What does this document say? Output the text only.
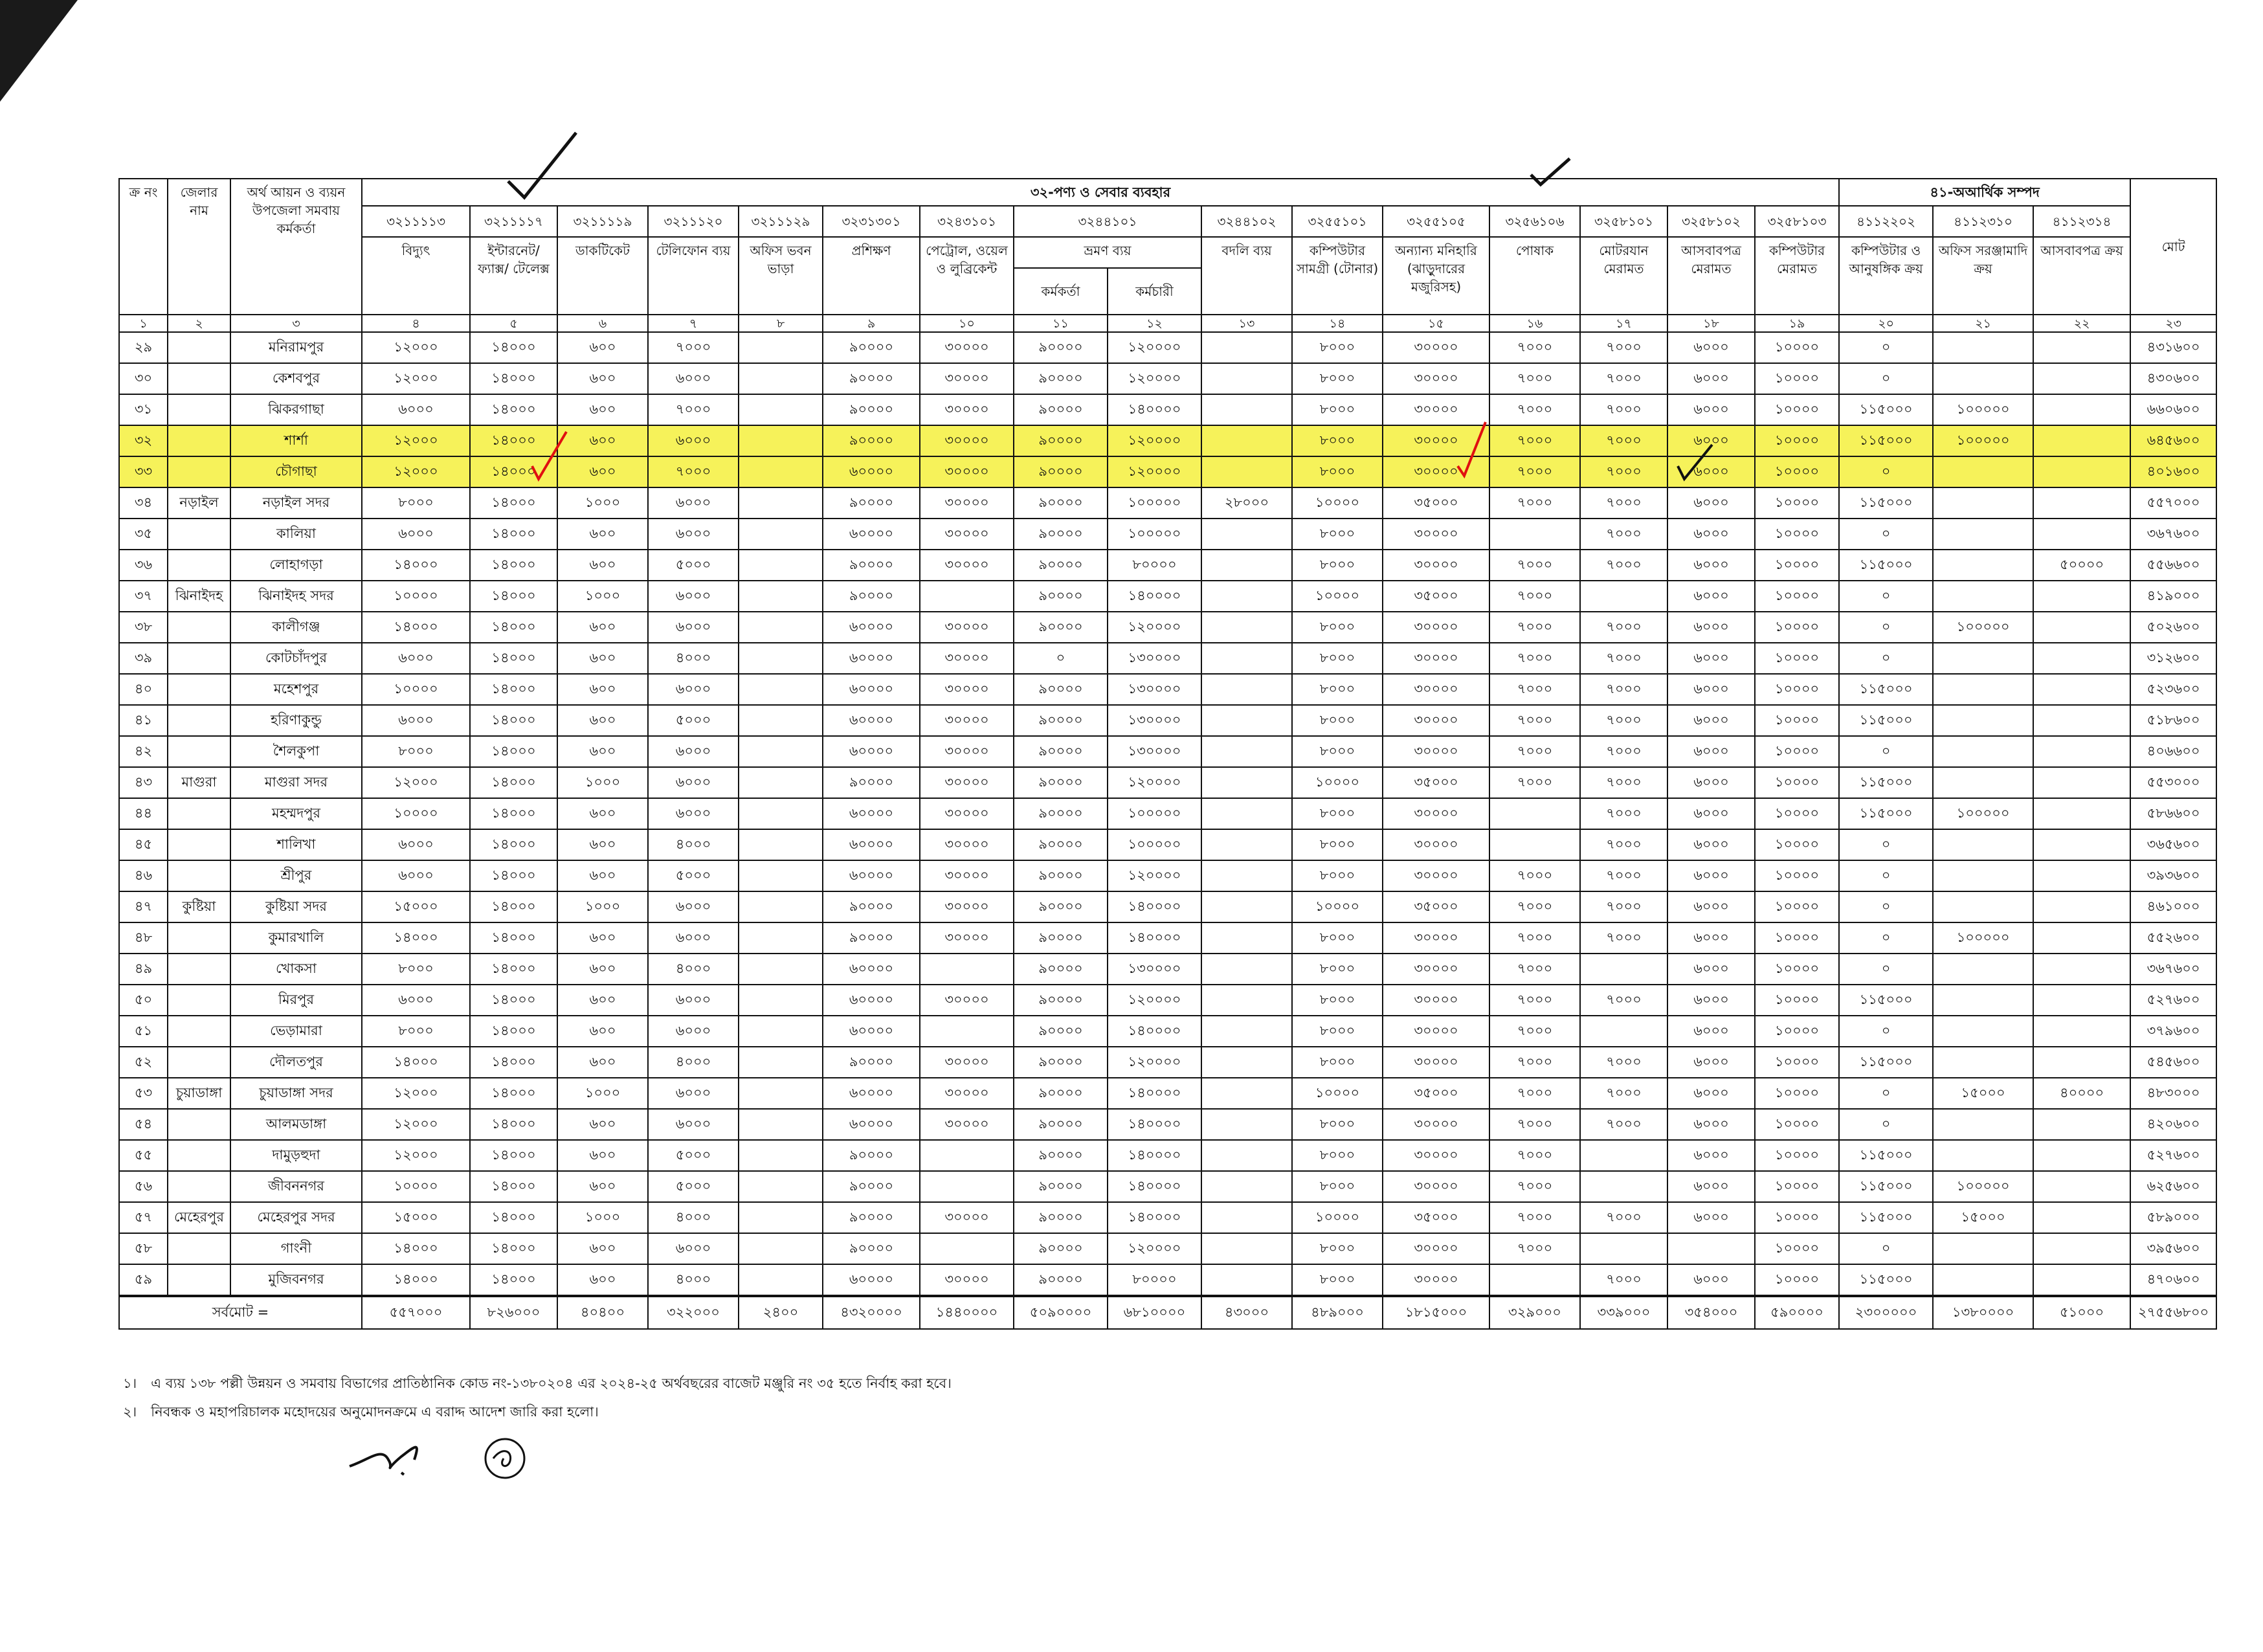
ক্র নং	জেলার নাম	অর্থ আয়ন ও ব্যয়ন উপজেলা সমবায় কর্মকর্তা	৩২-পণ্য ও সেবার ব্যবহার																৪১-অআর্থিক সম্পদ			মোট
			৩২১১১১৩	৩২১১১১৭	৩২১১১১৯	৩২১১১২০	৩২১১১২৯	৩২৩১৩০১	৩২৪৩১০১	৩২৪৪১০১		৩২৪৪১০২	৩২৫৫১০১	৩২৫৫১০৫	৩২৫৬১০৬	৩২৫৮১০১	৩২৫৮১০২	৩২৫৮১০৩	৪১১২২০২	৪১১২৩১০	৪১১২৩১৪	
			বিদ্যুৎ	ইন্টারনেট/ ফ্যাক্স/ টেলেক্স	ডাকটিকেট	টেলিফোন ব্যয়	অফিস ভবন ভাড়া	প্রশিক্ষণ	পেট্রোল, ওয়েল ও লুব্রিকেন্ট	ভ্রমণ ব্যয়		বদলি ব্যয়	কম্পিউটার সামগ্রী (টোনার)	অন্যান্য মনিহারি (ঝাড়ুদারের মজুরিসহ)	পোষাক	মোটরযান মেরামত	আসবাবপত্র মেরামত	কম্পিউটার মেরামত	কম্পিউটার ও আনুষঙ্গিক ক্রয়	অফিস সরঞ্জামাদি ক্রয়	আসবাবপত্র ক্রয়	
										কর্মকর্তা	কর্মচারী											
১	২	৩	৪	৫	৬	৭	৮	৯	১০	১১	১২	১৩	১৪	১৫	১৬	১৭	১৮	১৯	২০	২১	২২	২৩
২৯		মনিরামপুর	১২০০০	১৪০০০	৬০০	৭০০০		৯০০০০	৩০০০০	৯০০০০	১২০০০০		৮০০০	৩০০০০	৭০০০	৭০০০	৬০০০	১০০০০	০			৪৩১৬০০
৩০		কেশবপুর	১২০০০	১৪০০০	৬০০	৬০০০		৯০০০০	৩০০০০	৯০০০০	১২০০০০		৮০০০	৩০০০০	৭০০০	৭০০০	৬০০০	১০০০০	০			৪৩০৬০০
৩১		ঝিকরগাছা	৬০০০	১৪০০০	৬০০	৭০০০		৯০০০০	৩০০০০	৯০০০০	১৪০০০০		৮০০০	৩০০০০	৭০০০	৭০০০	৬০০০	১০০০০	১১৫০০০	১০০০০০		৬৬০৬০০
৩২		শার্শা	১২০০০	১৪০০০	৬০০	৬০০০		৯০০০০	৩০০০০	৯০০০০	১২০০০০		৮০০০	৩০০০০	৭০০০	৭০০০	৬০০০	১০০০০	১১৫০০০	১০০০০০		৬৪৫৬০০
৩৩		চৌগাছা	১২০০০	১৪০০০	৬০০	৭০০০		৬০০০০	৩০০০০	৯০০০০	১২০০০০		৮০০০	৩০০০০	৭০০০	৭০০০	৬০০০	১০০০০	০			৪০১৬০০
৩৪	নড়াইল	নড়াইল সদর	৮০০০	১৪০০০	১০০০	৬০০০		৯০০০০	৩০০০০	৯০০০০	১০০০০০	২৮০০০	১০০০০	৩৫০০০	৭০০০	৭০০০	৬০০০	১০০০০	১১৫০০০			৫৫৭০০০
৩৫		কালিয়া	৬০০০	১৪০০০	৬০০	৬০০০		৬০০০০	৩০০০০	৯০০০০	১০০০০০		৮০০০	৩০০০০		৭০০০	৬০০০	১০০০০	০			৩৬৭৬০০
৩৬		লোহাগড়া	১৪০০০	১৪০০০	৬০০	৫০০০		৯০০০০	৩০০০০	৯০০০০	৮০০০০		৮০০০	৩০০০০	৭০০০	৭০০০	৬০০০	১০০০০	১১৫০০০		৫০০০০	৫৫৬৬০০
৩৭	ঝিনাইদহ	ঝিনাইদহ সদর	১০০০০	১৪০০০	১০০০	৬০০০		৯০০০০		৯০০০০	১৪০০০০		১০০০০	৩৫০০০	৭০০০		৬০০০	১০০০০	০			৪১৯০০০
৩৮		কালীগঞ্জ	১৪০০০	১৪০০০	৬০০	৬০০০		৬০০০০	৩০০০০	৯০০০০	১২০০০০		৮০০০	৩০০০০	৭০০০	৭০০০	৬০০০	১০০০০	০	১০০০০০		৫০২৬০০
৩৯		কোটচাঁদপুর	৬০০০	১৪০০০	৬০০	৪০০০		৬০০০০	৩০০০০	০	১৩০০০০		৮০০০	৩০০০০	৭০০০	৭০০০	৬০০০	১০০০০	০			৩১২৬০০
৪০		মহেশপুর	১০০০০	১৪০০০	৬০০	৬০০০		৬০০০০	৩০০০০	৯০০০০	১৩০০০০		৮০০০	৩০০০০	৭০০০	৭০০০	৬০০০	১০০০০	১১৫০০০			৫২৩৬০০
৪১		হরিণাকুন্ডু	৬০০০	১৪০০০	৬০০	৫০০০		৬০০০০	৩০০০০	৯০০০০	১৩০০০০		৮০০০	৩০০০০	৭০০০	৭০০০	৬০০০	১০০০০	১১৫০০০			৫১৮৬০০
৪২		শৈলকুপা	৮০০০	১৪০০০	৬০০	৬০০০		৬০০০০	৩০০০০	৯০০০০	১৩০০০০		৮০০০	৩০০০০	৭০০০	৭০০০	৬০০০	১০০০০	০			৪০৬৬০০
৪৩	মাগুরা	মাগুরা সদর	১২০০০	১৪০০০	১০০০	৬০০০		৯০০০০	৩০০০০	৯০০০০	১২০০০০		১০০০০	৩৫০০০	৭০০০	৭০০০	৬০০০	১০০০০	১১৫০০০			৫৫৩০০০
৪৪		মহম্মদপুর	১০০০০	১৪০০০	৬০০	৬০০০		৬০০০০	৩০০০০	৯০০০০	১০০০০০		৮০০০	৩০০০০		৭০০০	৬০০০	১০০০০	১১৫০০০	১০০০০০		৫৮৬৬০০
৪৫		শালিখা	৬০০০	১৪০০০	৬০০	৪০০০		৬০০০০	৩০০০০	৯০০০০	১০০০০০		৮০০০	৩০০০০		৭০০০	৬০০০	১০০০০	০			৩৬৫৬০০
৪৬		শ্রীপুর	৬০০০	১৪০০০	৬০০	৫০০০		৬০০০০	৩০০০০	৯০০০০	১২০০০০		৮০০০	৩০০০০	৭০০০	৭০০০	৬০০০	১০০০০	০			৩৯৩৬০০
৪৭	কুষ্টিয়া	কুষ্টিয়া সদর	১৫০০০	১৪০০০	১০০০	৬০০০		৯০০০০	৩০০০০	৯০০০০	১৪০০০০		১০০০০	৩৫০০০	৭০০০	৭০০০	৬০০০	১০০০০	০			৪৬১০০০
৪৮		কুমারখালি	১৪০০০	১৪০০০	৬০০	৬০০০		৯০০০০	৩০০০০	৯০০০০	১৪০০০০		৮০০০	৩০০০০	৭০০০	৭০০০	৬০০০	১০০০০	০	১০০০০০		৫৫২৬০০
৪৯		খোকসা	৮০০০	১৪০০০	৬০০	৪০০০		৬০০০০		৯০০০০	১৩০০০০		৮০০০	৩০০০০	৭০০০		৬০০০	১০০০০	০			৩৬৭৬০০
৫০		মিরপুর	৬০০০	১৪০০০	৬০০	৬০০০		৬০০০০	৩০০০০	৯০০০০	১২০০০০		৮০০০	৩০০০০	৭০০০	৭০০০	৬০০০	১০০০০	১১৫০০০			৫২৭৬০০
৫১		ভেড়ামারা	৮০০০	১৪০০০	৬০০	৬০০০		৬০০০০		৯০০০০	১৪০০০০		৮০০০	৩০০০০	৭০০০		৬০০০	১০০০০	০			৩৭৯৬০০
৫২		দৌলতপুর	১৪০০০	১৪০০০	৬০০	৪০০০		৯০০০০	৩০০০০	৯০০০০	১২০০০০		৮০০০	৩০০০০	৭০০০	৭০০০	৬০০০	১০০০০	১১৫০০০			৫৪৫৬০০
৫৩	চুয়াডাঙ্গা	চুয়াডাঙ্গা সদর	১২০০০	১৪০০০	১০০০	৬০০০		৬০০০০	৩০০০০	৯০০০০	১৪০০০০		১০০০০	৩৫০০০	৭০০০	৭০০০	৬০০০	১০০০০	০	১৫০০০	৪০০০০	৪৮৩০০০
৫৪		আলমডাঙ্গা	১২০০০	১৪০০০	৬০০	৬০০০		৬০০০০	৩০০০০	৯০০০০	১৪০০০০		৮০০০	৩০০০০	৭০০০	৭০০০	৬০০০	১০০০০	০			৪২০৬০০
৫৫		দামুড়হুদা	১২০০০	১৪০০০	৬০০	৫০০০		৯০০০০		৯০০০০	১৪০০০০		৮০০০	৩০০০০	৭০০০		৬০০০	১০০০০	১১৫০০০			৫২৭৬০০
৫৬		জীবননগর	১০০০০	১৪০০০	৬০০	৫০০০		৯০০০০		৯০০০০	১৪০০০০		৮০০০	৩০০০০	৭০০০		৬০০০	১০০০০	১১৫০০০	১০০০০০		৬২৫৬০০
৫৭	মেহেরপুর	মেহেরপুর সদর	১৫০০০	১৪০০০	১০০০	৪০০০		৯০০০০	৩০০০০	৯০০০০	১৪০০০০		১০০০০	৩৫০০০	৭০০০	৭০০০	৬০০০	১০০০০	১১৫০০০	১৫০০০		৫৮৯০০০
৫৮		গাংনী	১৪০০০	১৪০০০	৬০০	৬০০০		৯০০০০		৯০০০০	১২০০০০		৮০০০	৩০০০০	৭০০০			১০০০০	০			৩৯৫৬০০
৫৯		মুজিবনগর	১৪০০০	১৪০০০	৬০০	৪০০০		৬০০০০	৩০০০০	৯০০০০	৮০০০০		৮০০০	৩০০০০		৭০০০	৬০০০	১০০০০	১১৫০০০			৪৭০৬০০
সর্বমোট =			৫৫৭০০০	৮২৬০০০	৪০৪০০	৩২২০০০	২৪০০	৪৩২০০০০	১৪৪০০০০	৫০৯০০০০	৬৮১০০০০	৪৩০০০	৪৮৯০০০	১৮১৫০০০	৩২৯০০০	৩৩৯০০০	৩৫৪০০০	৫৯০০০০	২৩০০০০০	১৩৮০০০০	৫১০০০	২৭৫৫৬৮০০
১। এ ব্যয় ১৩৮ পল্লী উন্নয়ন ও সমবায় বিভাগের প্রাতিষ্ঠানিক কোড নং-১৩৮০২০৪ এর ২০২৪-২৫ অর্থবছরের বাজেট মঞ্জুরি নং ৩৫ হতে নির্বাহ করা হবে।
২। নিবন্ধক ও মহাপরিচালক মহোদয়ের অনুমোদনক্রমে এ বরাদ্দ আদেশ জারি করা হলো।
